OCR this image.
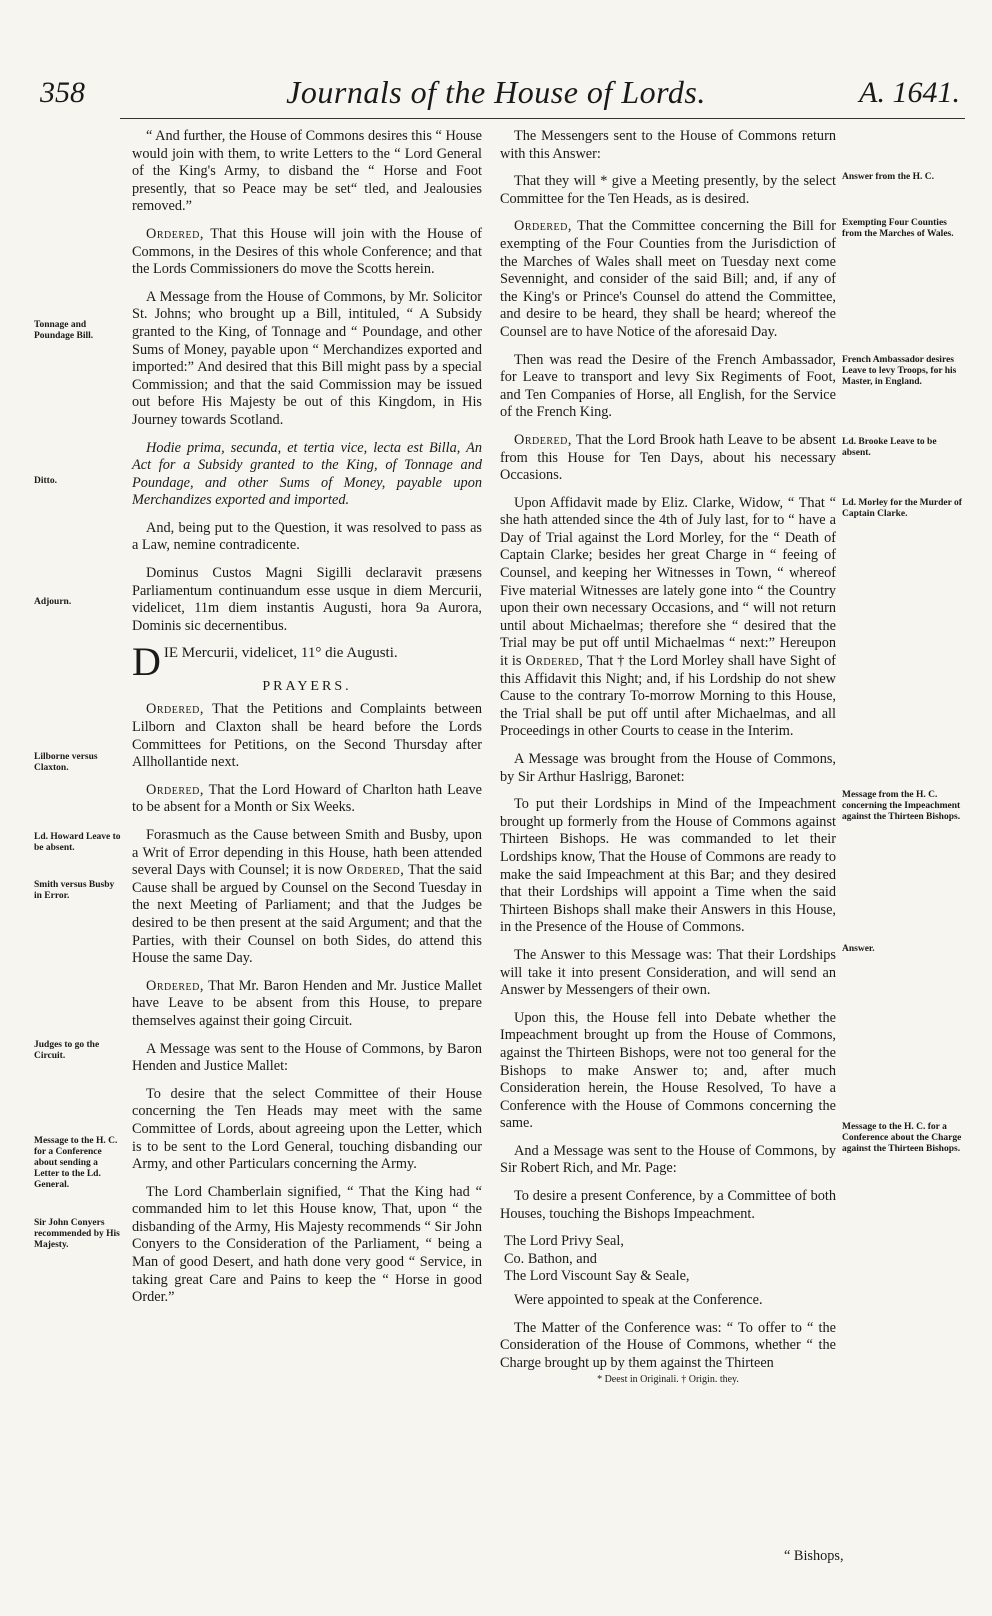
358	Journals of the House of Lords.	A. 1641.
Tonnage and Poundage Bill.
Ditto.
Adjourn.
Lilborne versus Claxton.
Ld. Howard Leave to be absent.
Smith versus Busby in Error.
Judges to go the Circuit.
Message to the H. C. for a Conference about sending a Letter to the Ld. General.
Sir John Conyers recommended by His Majesty.

“ And further, the House of Commons desires this “ House would join with them, to write Letters to the “ Lord General of the King's Army, to disband the “ Horse and Foot presently, that so Peace may be set“ tled, and Jealousies removed.”

Ordered, That this House will join with the House of Commons, in the Desires of this whole Conference; and that the Lords Commissioners do move the Scotts herein.

A Message from the House of Commons, by Mr. Solicitor St. Johns; who brought up a Bill, intituled, “ A Subsidy granted to the King, of Tonnage and “ Poundage, and other Sums of Money, payable upon “ Merchandizes exported and imported:” And desired that this Bill might pass by a special Commission; and that the said Commission may be issued out before His Majesty be out of this Kingdom, in His Journey towards Scotland.

Hodie prima, secunda, et tertia vice, lecta est Billa, An Act for a Subsidy granted to the King, of Tonnage and Poundage, and other Sums of Money, payable upon Merchandizes exported and imported.

And, being put to the Question, it was resolved to pass as a Law, nemine contradicente.

Dominus Custos Magni Sigilli declaravit præsens Parliamentum continuandum esse usque in diem Mercurii, videlicet, 11m diem instantis Augusti, hora 9a Aurora, Dominis sic decernentibus.

D IE Mercurii, videlicet, 11° die Augusti.
PRAYERS.

Ordered, That the Petitions and Complaints between Lilborn and Claxton shall be heard before the Lords Committees for Petitions, on the Second Thursday after Allhollantide next.

Ordered, That the Lord Howard of Charlton hath Leave to be absent for a Month or Six Weeks.

Forasmuch as the Cause between Smith and Busby, upon a Writ of Error depending in this House, hath been attended several Days with Counsel; it is now Ordered, That the said Cause shall be argued by Counsel on the Second Tuesday in the next Meeting of Parliament; and that the Judges be desired to be then present at the said Argument; and that the Parties, with their Counsel on both Sides, do attend this House the same Day.

Ordered, That Mr. Baron Henden and Mr. Justice Mallet have Leave to be absent from this House, to prepare themselves against their going Circuit.

A Message was sent to the House of Commons, by Baron Henden and Justice Mallet:

To desire that the select Committee of their House concerning the Ten Heads may meet with the same Committee of Lords, about agreeing upon the Letter, which is to be sent to the Lord General, touching disbanding our Army, and other Particulars concerning the Army.

The Lord Chamberlain signified, “ That the King had “ commanded him to let this House know, That, upon “ the disbanding of the Army, His Majesty recommends “ Sir John Conyers to the Consideration of the Parliament, “ being a Man of good Desert, and hath done very good “ Service, in taking great Care and Pains to keep the “ Horse in good Order.”

The Messengers sent to the House of Commons return with this Answer:

That they will * give a Meeting presently, by the select Committee for the Ten Heads, as is desired.

Ordered, That the Committee concerning the Bill for exempting of the Four Counties from the Jurisdiction of the Marches of Wales shall meet on Tuesday next come Sevennight, and consider of the said Bill; and, if any of the King's or Prince's Counsel do attend the Committee, and desire to be heard, they shall be heard; whereof the Counsel are to have Notice of the aforesaid Day.

Then was read the Desire of the French Ambassador, for Leave to transport and levy Six Regiments of Foot, and Ten Companies of Horse, all English, for the Service of the French King.

Ordered, That the Lord Brook hath Leave to be absent from this House for Ten Days, about his necessary Occasions.

Upon Affidavit made by Eliz. Clarke, Widow, “ That “ she hath attended since the 4th of July last, for to “ have a Day of Trial against the Lord Morley, for the “ Death of Captain Clarke; besides her great Charge in “ feeing of Counsel, and keeping her Witnesses in Town, “ whereof Five material Witnesses are lately gone into “ the Country upon their own necessary Occasions, and “ will not return until about Michaelmas; therefore she “ desired that the Trial may be put off until Michaelmas “ next:” Hereupon it is Ordered, That † the Lord Morley shall have Sight of this Affidavit this Night; and, if his Lordship do not shew Cause to the contrary To-morrow Morning to this House, the Trial shall be put off until after Michaelmas, and all Proceedings in other Courts to cease in the Interim.

A Message was brought from the House of Commons, by Sir Arthur Haslrigg, Baronet:

To put their Lordships in Mind of the Impeachment brought up formerly from the House of Commons against Thirteen Bishops. He was commanded to let their Lordships know, That the House of Commons are ready to make the said Impeachment at this Bar; and they desired that their Lordships will appoint a Time when the said Thirteen Bishops shall make their Answers in this House, in the Presence of the House of Commons.

The Answer to this Message was: That their Lordships will take it into present Consideration, and will send an Answer by Messengers of their own.

Upon this, the House fell into Debate whether the Impeachment brought up from the House of Commons, against the Thirteen Bishops, were not too general for the Bishops to make Answer to; and, after much Consideration herein, the House Resolved, To have a Conference with the House of Commons concerning the same.

And a Message was sent to the House of Commons, by Sir Robert Rich, and Mr. Page:

To desire a present Conference, by a Committee of both Houses, touching the Bishops Impeachment.

The Lord Privy Seal,
Co. Bathon, and
The Lord Viscount Say & Seale,

Were appointed to speak at the Conference.

The Matter of the Conference was: “ To offer to “ the Consideration of the House of Commons, whether “ the Charge brought up by them against the Thirteen

* Deest in Originali. † Origin. they.
“ Bishops,
Answer from the H. C.
Exempting Four Counties from the Marches of Wales.
French Ambassador desires Leave to levy Troops, for his Master, in England.
Ld. Brooke Leave to be absent.
Ld. Morley for the Murder of Captain Clarke.
Message from the H. C. concerning the Impeachment against the Thirteen Bishops.
Answer.
Message to the H. C. for a Conference about the Charge against the Thirteen Bishops.
